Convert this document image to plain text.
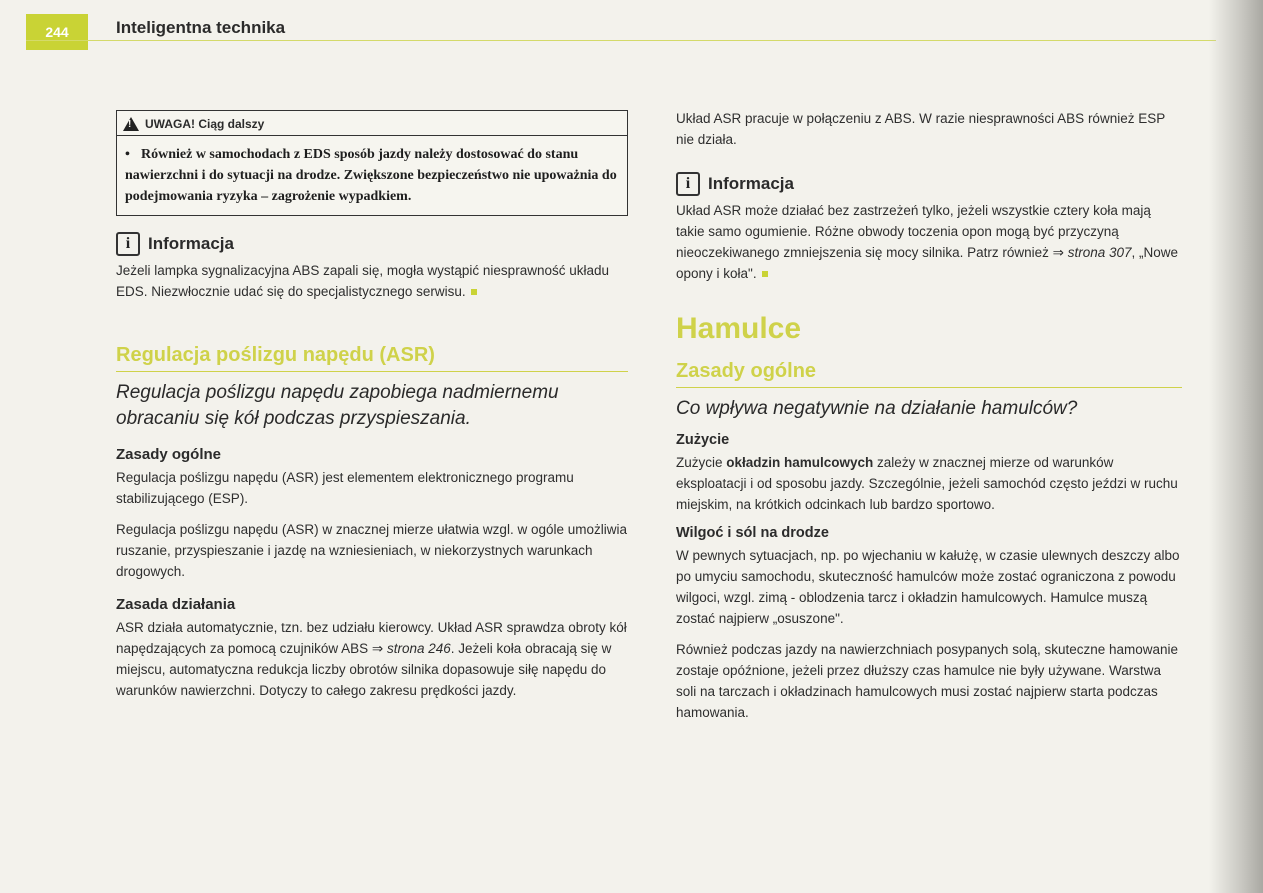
244	Inteligentna technika
!
UWAGA! Ciąg dalszy
• Również w samochodach z EDS sposób jazdy należy dostosować do stanu nawierzchni i do sytuacji na drodze. Zwiększone bezpieczeństwo nie upoważnia do podejmowania ryzyka – zagrożenie wypadkiem.
i	Informacja

Jeżeli lampka sygnalizacyjna ABS zapali się, mogła wystąpić niesprawność układu EDS. Niezwłocznie udać się do specjalistycznego serwisu.

Regulacja poślizgu napędu (ASR)
Regulacja poślizgu napędu zapobiega nadmiernemu obracaniu się kół podczas przyspieszania.
Zasady ogólne

Regulacja poślizgu napędu (ASR) jest elementem elektronicznego programu stabilizującego (ESP).

Regulacja poślizgu napędu (ASR) w znacznej mierze ułatwia wzgl. w ogóle umożliwia ruszanie, przyspieszanie i jazdę na wzniesieniach, w niekorzystnych warunkach drogowych.

Zasada działania

ASR działa automatycznie, tzn. bez udziału kierowcy. Układ ASR sprawdza obroty kół napędzających za pomocą czujników ABS ⇒ strona 246. Jeżeli koła obracają się w miejscu, automatyczna redukcja liczby obrotów silnika dopasowuje siłę napędu do warunków nawierzchni. Dotyczy to całego zakresu prędkości jazdy.

Układ ASR pracuje w połączeniu z ABS. W razie niesprawności ABS również ESP nie działa.

i	Informacja

Układ ASR może działać bez zastrzeżeń tylko, jeżeli wszystkie cztery koła mają takie samo ogumienie. Różne obwody toczenia opon mogą być przyczyną nieoczekiwanego zmniejszenia się mocy silnika. Patrz również ⇒ strona 307, „Nowe opony i koła".

Hamulce
Zasady ogólne
Co wpływa negatywnie na działanie hamulców?
Zużycie

Zużycie okładzin hamulcowych zależy w znacznej mierze od warunków eksploatacji i od sposobu jazdy. Szczególnie, jeżeli samochód często jeździ w ruchu miejskim, na krótkich odcinkach lub bardzo sportowo.

Wilgoć i sól na drodze

W pewnych sytuacjach, np. po wjechaniu w kałużę, w czasie ulewnych deszczy albo po umyciu samochodu, skuteczność hamulców może zostać ograniczona z powodu wilgoci, wzgl. zimą - oblodzenia tarcz i okładzin hamulcowych. Hamulce muszą zostać najpierw „osuszone".

Również podczas jazdy na nawierzchniach posypanych solą, skuteczne hamowanie zostaje opóźnione, jeżeli przez dłuższy czas hamulce nie były używane. Warstwa soli na tarczach i okładzinach hamulcowych musi zostać najpierw starta podczas hamowania.
